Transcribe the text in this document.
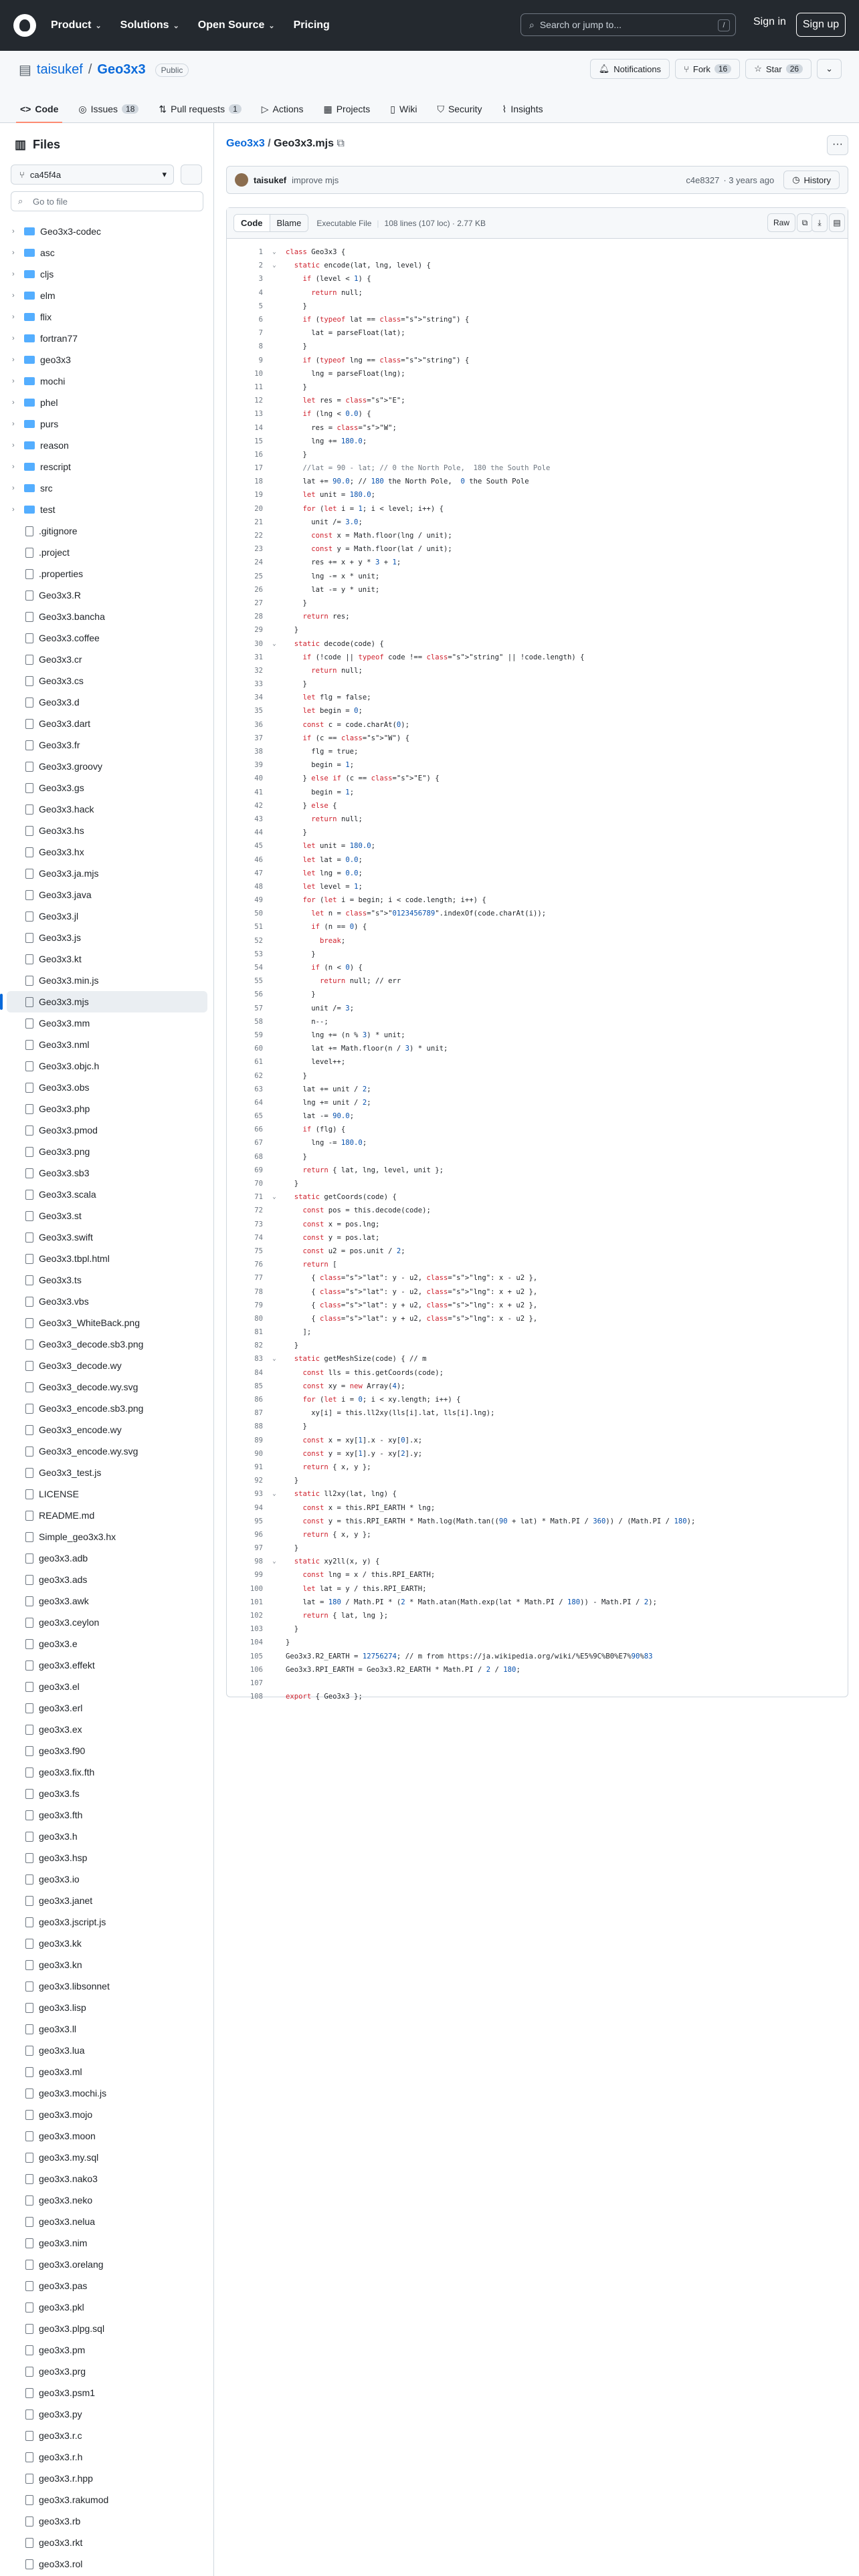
Product ⌄ Solutions ⌄ Open Source ⌄ Pricing	⌕ Search or jump to...	/	Sign in	Sign up
▤ taisukef / Geo3x3	Public	🔔︎ Notifications	⑂ Fork	16	☆ Star	26	⌄
<> Code ◎ Issues	18	⇅ Pull requests	1	▷ Actions ▦ Projects ▯ Wiki ⛉ Security ⌇ Insights
▥ Files
⑂ ca45f4a	▾
⌕ Go to file
›	Geo3x3-codec
›	asc
›	cljs
›	elm
›	flix
›	fortran77
›	geo3x3
›	mochi
›	phel
›	purs
›	reason
›	rescript
›	src
›	test
.gitignore
.project
.properties
Geo3x3.R
Geo3x3.bancha
Geo3x3.coffee
Geo3x3.cr
Geo3x3.cs
Geo3x3.d
Geo3x3.dart
Geo3x3.fr
Geo3x3.groovy
Geo3x3.gs
Geo3x3.hack
Geo3x3.hs
Geo3x3.hx
Geo3x3.ja.mjs
Geo3x3.java
Geo3x3.jl
Geo3x3.js
Geo3x3.kt
Geo3x3.min.js
Geo3x3.mjs
Geo3x3.mm
Geo3x3.nml
Geo3x3.objc.h
Geo3x3.obs
Geo3x3.php
Geo3x3.pmod
Geo3x3.png
Geo3x3.sb3
Geo3x3.scala
Geo3x3.st
Geo3x3.swift
Geo3x3.tbpl.html
Geo3x3.ts
Geo3x3.vbs
Geo3x3_WhiteBack.png
Geo3x3_decode.sb3.png
Geo3x3_decode.wy
Geo3x3_decode.wy.svg
Geo3x3_encode.sb3.png
Geo3x3_encode.wy
Geo3x3_encode.wy.svg
Geo3x3_test.js
LICENSE
README.md
Simple_geo3x3.hx
geo3x3.adb
geo3x3.ads
geo3x3.awk
geo3x3.ceylon
geo3x3.e
geo3x3.effekt
geo3x3.el
geo3x3.erl
geo3x3.ex
geo3x3.f90
geo3x3.fix.fth
geo3x3.fs
geo3x3.fth
geo3x3.h
geo3x3.hsp
geo3x3.io
geo3x3.janet
geo3x3.jscript.js
geo3x3.kk
geo3x3.kn
geo3x3.libsonnet
geo3x3.lisp
geo3x3.ll
geo3x3.lua
geo3x3.ml
geo3x3.mochi.js
geo3x3.mojo
geo3x3.moon
geo3x3.my.sql
geo3x3.nako3
geo3x3.neko
geo3x3.nelua
geo3x3.nim
geo3x3.orelang
geo3x3.pas
geo3x3.pkl
geo3x3.plpg.sql
geo3x3.pm
geo3x3.prg
geo3x3.psm1
geo3x3.py
geo3x3.r.c
geo3x3.r.h
geo3x3.r.hpp
geo3x3.rakumod
geo3x3.rb
geo3x3.rkt
geo3x3.rol
Geo3x3 / Geo3x3.mjs ⧉	···
taisukef improve mjs	c4e8327 · 3 years ago ◷ History
Code	Blame	Executable File | 108 lines (107 loc) · 2.77 KB	Raw	⧉	⤓	▤
1	⌄	class Geo3x3 {
2	⌄	static encode(lat, lng, level) {
3	if (level < 1) {
4	return null;
5	}
6	if (typeof lat == class="s">"string") {
7	lat = parseFloat(lat);
8	}
9	if (typeof lng == class="s">"string") {
10	lng = parseFloat(lng);
11	}
12	let res = class="s">"E";
13	if (lng < 0.0) {
14	res = class="s">"W";
15	lng += 180.0;
16	}
17	//lat = 90 - lat; // 0 the North Pole,  180 the South Pole
18	lat += 90.0; // 180 the North Pole,  0 the South Pole
19	let unit = 180.0;
20	for (let i = 1; i < level; i++) {
21	unit /= 3.0;
22	const x = Math.floor(lng / unit);
23	const y = Math.floor(lat / unit);
24	res += x + y * 3 + 1;
25	lng -= x * unit;
26	lat -= y * unit;
27	}
28	return res;
29	}
30	⌄	static decode(code) {
31	if (!code || typeof code !== class="s">"string" || !code.length) {
32	return null;
33	}
34	let flg = false;
35	let begin = 0;
36	const c = code.charAt(0);
37	if (c == class="s">"W") {
38	flg = true;
39	begin = 1;
40	} else if (c == class="s">"E") {
41	begin = 1;
42	} else {
43	return null;
44	}
45	let unit = 180.0;
46	let lat = 0.0;
47	let lng = 0.0;
48	let level = 1;
49	for (let i = begin; i < code.length; i++) {
50	let n = class="s">"0123456789".indexOf(code.charAt(i));
51	if (n == 0) {
52	break;
53	}
54	if (n < 0) {
55	return null; // err
56	}
57	unit /= 3;
58	n--;
59	lng += (n % 3) * unit;
60	lat += Math.floor(n / 3) * unit;
61	level++;
62	}
63	lat += unit / 2;
64	lng += unit / 2;
65	lat -= 90.0;
66	if (flg) {
67	lng -= 180.0;
68	}
69	return { lat, lng, level, unit };
70	}
71	⌄	static getCoords(code) {
72	const pos = this.decode(code);
73	const x = pos.lng;
74	const y = pos.lat;
75	const u2 = pos.unit / 2;
76	return [
77	{ class="s">"lat": y - u2, class="s">"lng": x - u2 },
78	{ class="s">"lat": y - u2, class="s">"lng": x + u2 },
79	{ class="s">"lat": y + u2, class="s">"lng": x + u2 },
80	{ class="s">"lat": y + u2, class="s">"lng": x - u2 },
81	];
82	}
83	⌄	static getMeshSize(code) { // m
84	const lls = this.getCoords(code);
85	const xy = new Array(4);
86	for (let i = 0; i < xy.length; i++) {
87	xy[i] = this.ll2xy(lls[i].lat, lls[i].lng);
88	}
89	const x = xy[1].x - xy[0].x;
90	const y = xy[1].y - xy[2].y;
91	return { x, y };
92	}
93	⌄	static ll2xy(lat, lng) {
94	const x = this.RPI_EARTH * lng;
95	const y = this.RPI_EARTH * Math.log(Math.tan((90 + lat) * Math.PI / 360)) / (Math.PI / 180);
96	return { x, y };
97	}
98	⌄	static xy2ll(x, y) {
99	const lng = x / this.RPI_EARTH;
100	let lat = y / this.RPI_EARTH;
101	lat = 180 / Math.PI * (2 * Math.atan(Math.exp(lat * Math.PI / 180)) - Math.PI / 2);
102	return { lat, lng };
103	}
104	}
105	Geo3x3.R2_EARTH = 12756274; // m from https://ja.wikipedia.org/wiki/%E5%9C%B0%E7%90%83
106	Geo3x3.RPI_EARTH = Geo3x3.R2_EARTH * Math.PI / 2 / 180;
107
108	export { Geo3x3 };
